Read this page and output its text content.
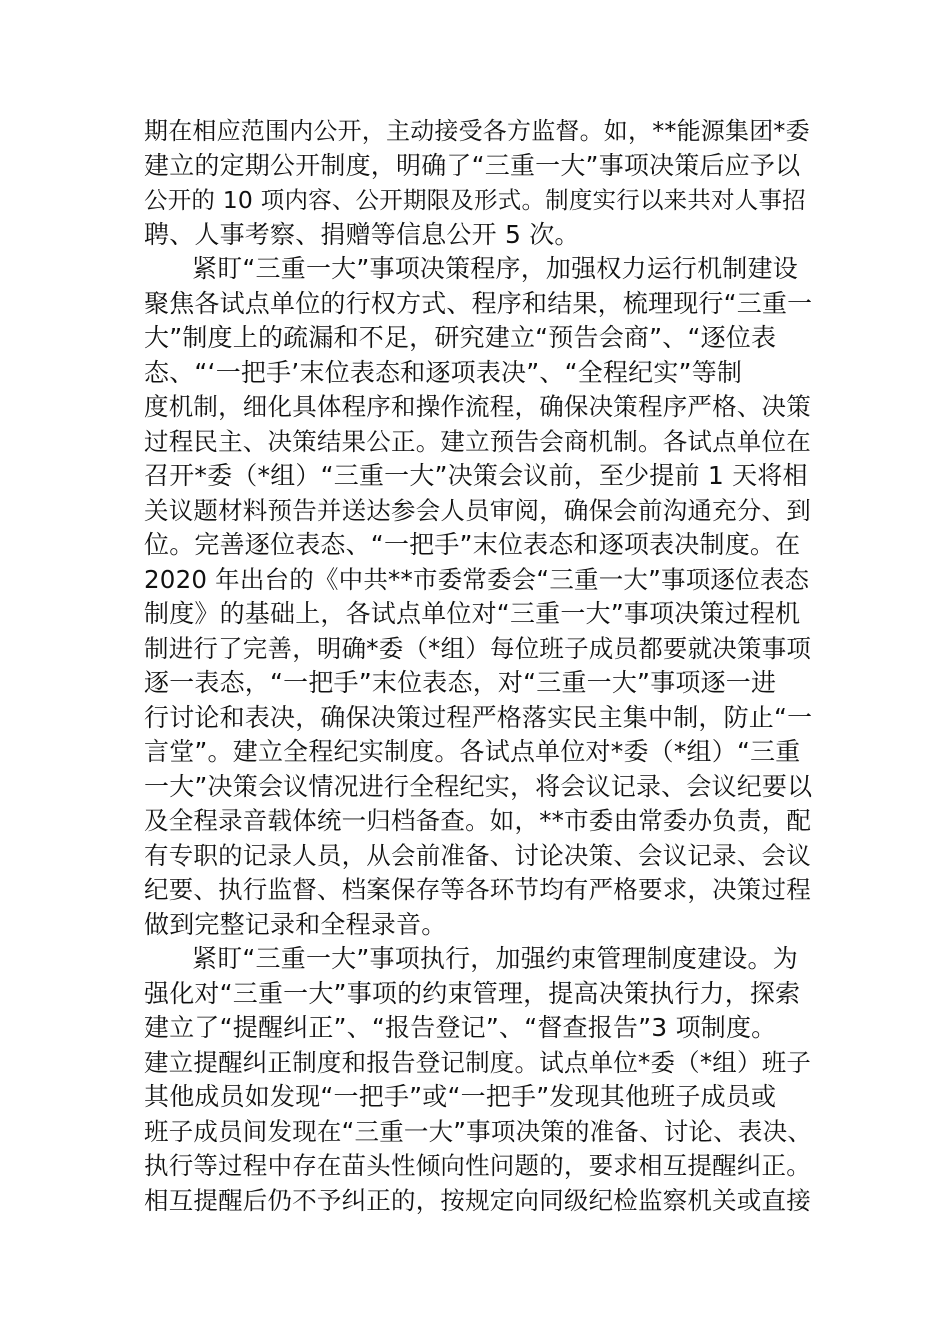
期在相应范围内公开，主动接受各方监督。如，**能源集团*委
建立的定期公开制度，明确了“三重一大”事项决策后应予以
公开的 10 项内容、公开期限及形式。制度实行以来共对人事招
聘、人事考察、捐赠等信息公开 5 次。
紧盯“三重一大”事项决策程序，加强权力运行机制建设
聚焦各试点单位的行权方式、程序和结果，梳理现行“三重一
大”制度上的疏漏和不足，研究建立“预告会商”、“逐位表
态、“‘一把手’末位表态和逐项表决”、“全程纪实”等制
度机制，细化具体程序和操作流程，确保决策程序严格、决策
过程民主、决策结果公正。建立预告会商机制。各试点单位在
召开*委（*组）“三重一大”决策会议前，至少提前 1 天将相
关议题材料预告并送达参会人员审阅，确保会前沟通充分、到
位。完善逐位表态、“一把手”末位表态和逐项表决制度。在
2020 年出台的《中共**市委常委会“三重一大”事项逐位表态
制度》的基础上，各试点单位对“三重一大”事项决策过程机
制进行了完善，明确*委（*组）每位班子成员都要就决策事项
逐一表态，“一把手”末位表态，对“三重一大”事项逐一进
行讨论和表决，确保决策过程严格落实民主集中制，防止“一
言堂”。建立全程纪实制度。各试点单位对*委（*组）“三重
一大”决策会议情况进行全程纪实，将会议记录、会议纪要以
及全程录音载体统一归档备查。如，**市委由常委办负责，配
有专职的记录人员，从会前准备、讨论决策、会议记录、会议
纪要、执行监督、档案保存等各环节均有严格要求，决策过程
做到完整记录和全程录音。
紧盯“三重一大”事项执行，加强约束管理制度建设。为
强化对“三重一大”事项的约束管理，提高决策执行力，探索
建立了“提醒纠正”、“报告登记”、“督查报告”3 项制度。
建立提醒纠正制度和报告登记制度。试点单位*委（*组）班子
其他成员如发现“一把手”或“一把手”发现其他班子成员或
班子成员间发现在“三重一大”事项决策的准备、讨论、表决、
执行等过程中存在苗头性倾向性问题的，要求相互提醒纠正。
相互提醒后仍不予纠正的，按规定向同级纪检监察机关或直接
